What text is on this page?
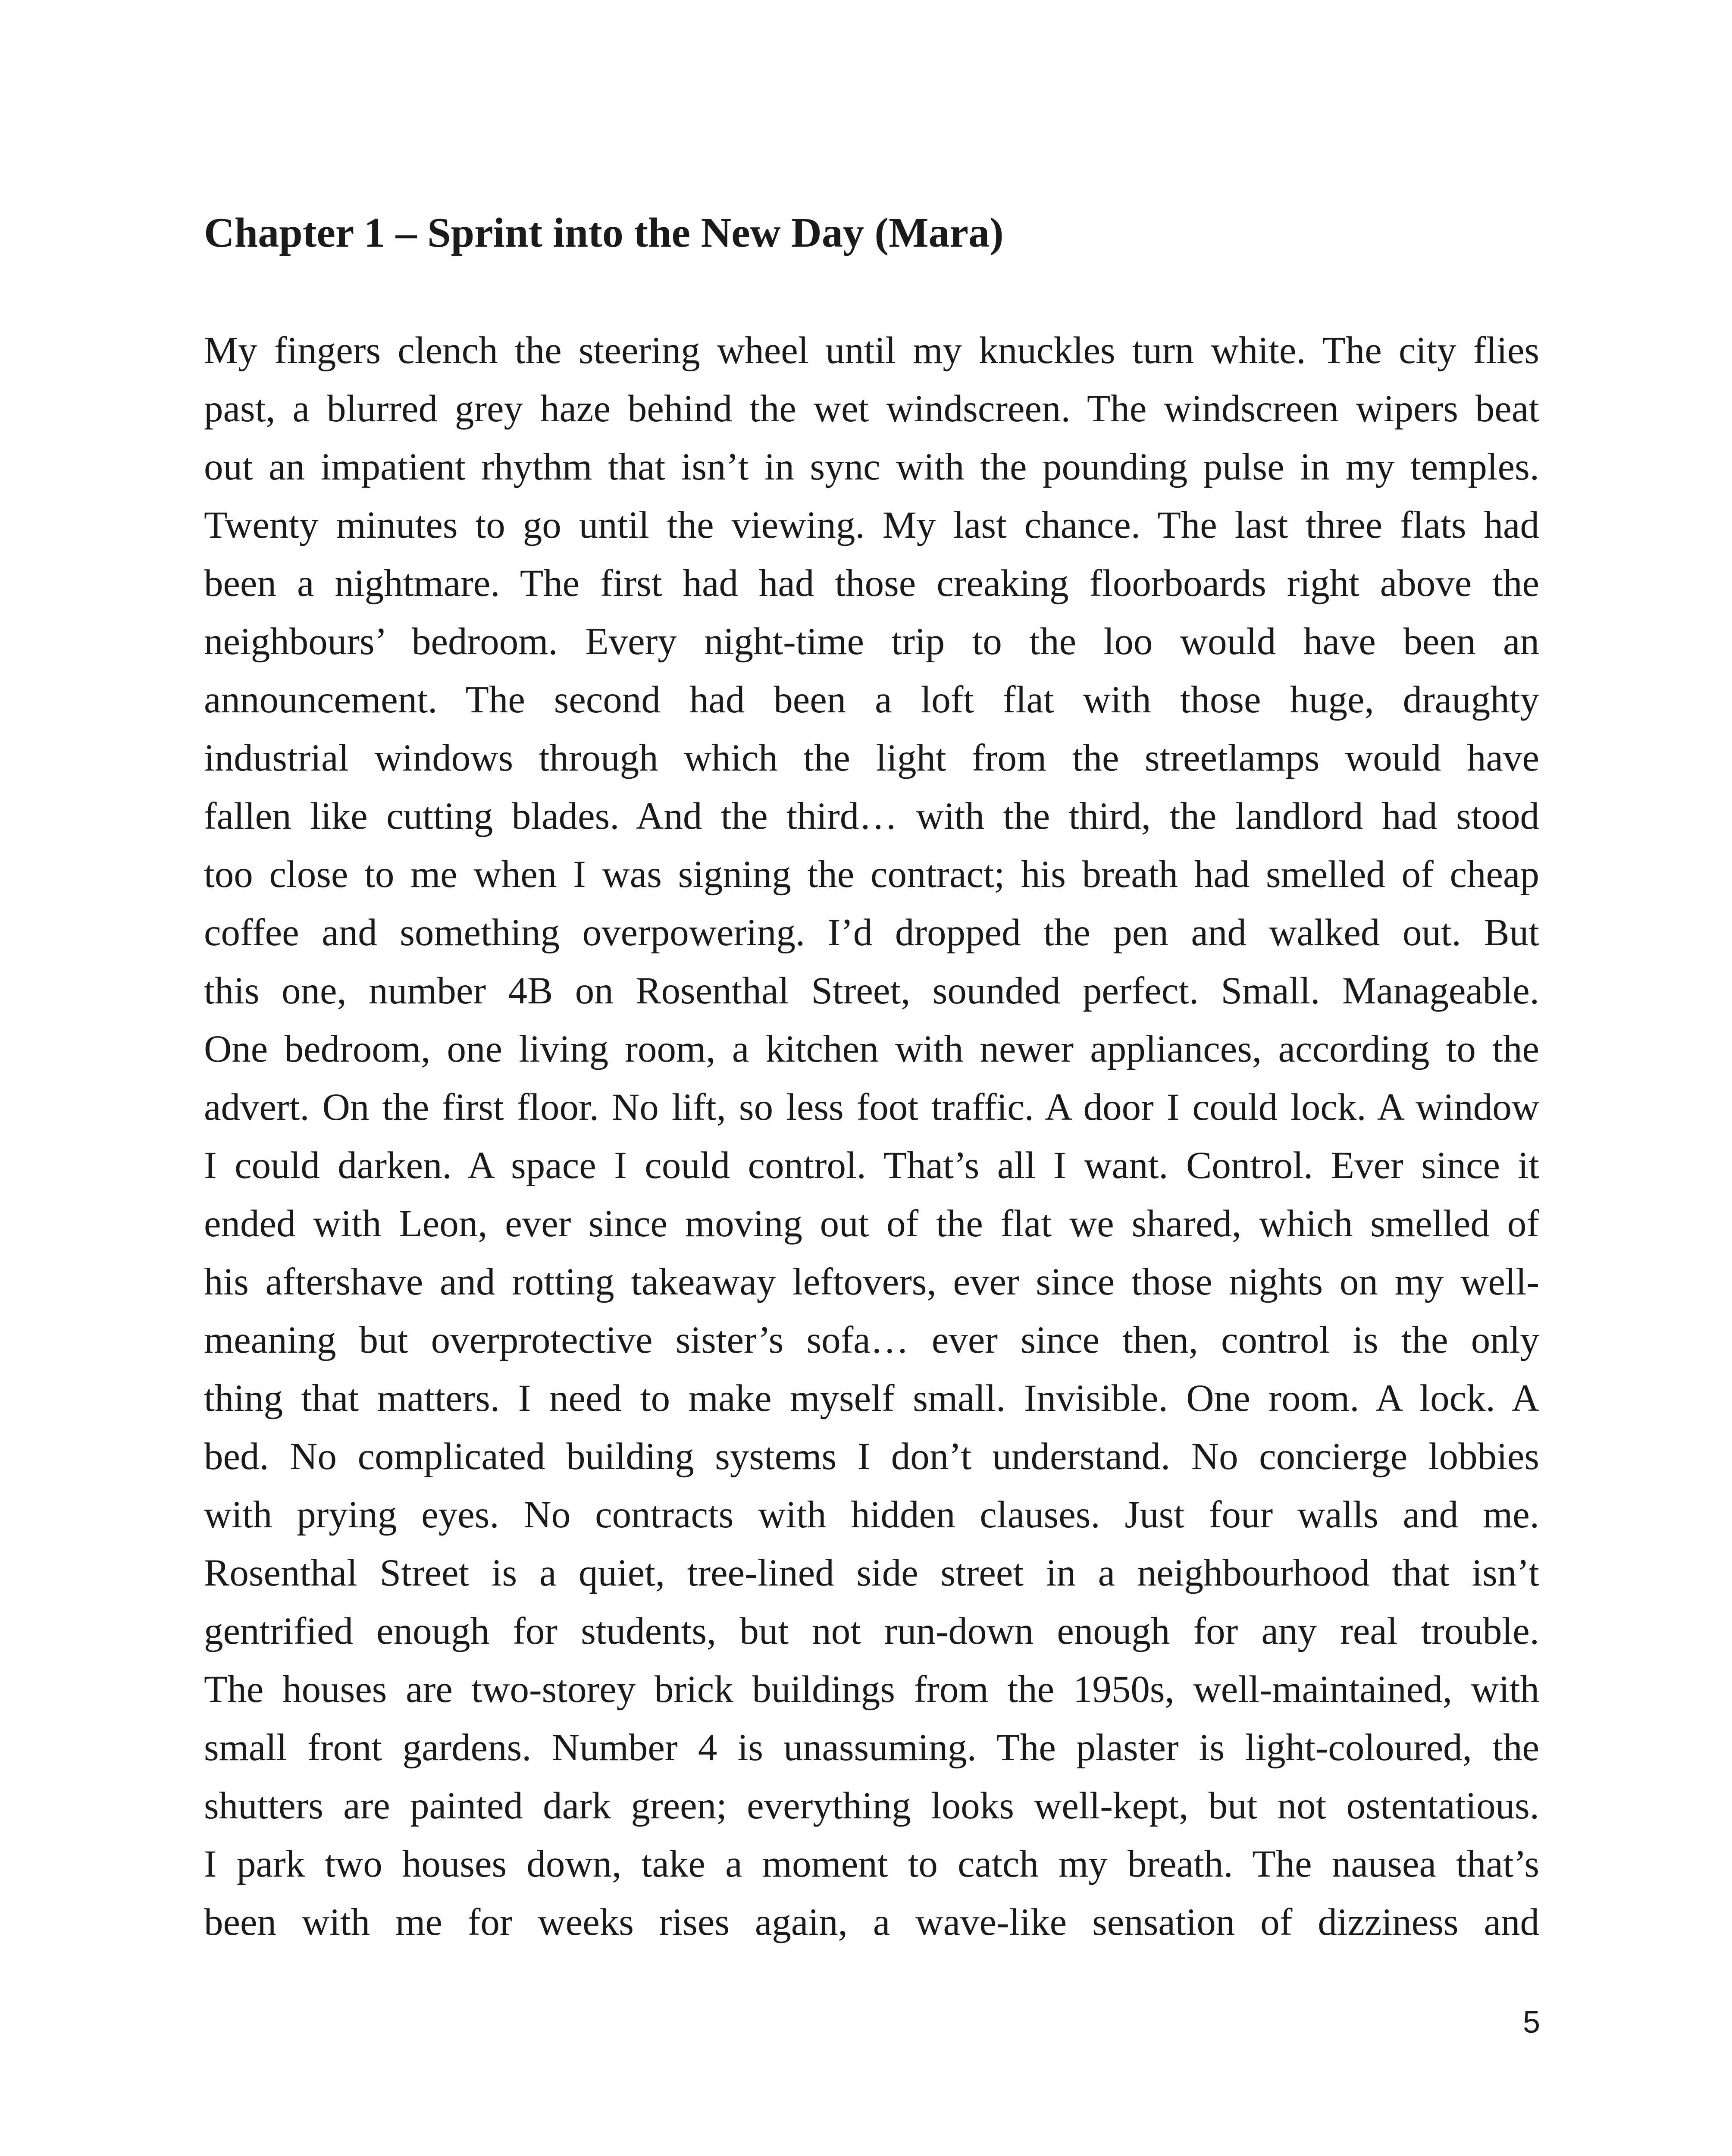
Chapter 1 – Sprint into the New Day (Mara)
My fingers clench the steering wheel until my knuckles turn white. The city flies
past, a blurred grey haze behind the wet windscreen. The windscreen wipers beat
out an impatient rhythm that isn’t in sync with the pounding pulse in my temples.
Twenty minutes to go until the viewing. My last chance. The last three flats had
been a nightmare. The first had had those creaking floorboards right above the
neighbours’ bedroom. Every night-time trip to the loo would have been an
announcement. The second had been a loft flat with those huge, draughty
industrial windows through which the light from the streetlamps would have
fallen like cutting blades. And the third… with the third, the landlord had stood
too close to me when I was signing the contract; his breath had smelled of cheap
coffee and something overpowering. I’d dropped the pen and walked out. But
this one, number 4B on Rosenthal Street, sounded perfect. Small. Manageable.
One bedroom, one living room, a kitchen with newer appliances, according to the
advert. On the first floor. No lift, so less foot traffic. A door I could lock. A window
I could darken. A space I could control. That’s all I want. Control. Ever since it
ended with Leon, ever since moving out of the flat we shared, which smelled of
his aftershave and rotting takeaway leftovers, ever since those nights on my well-
meaning but overprotective sister’s sofa… ever since then, control is the only
thing that matters. I need to make myself small. Invisible. One room. A lock. A
bed. No complicated building systems I don’t understand. No concierge lobbies
with prying eyes. No contracts with hidden clauses. Just four walls and me.
Rosenthal Street is a quiet, tree-lined side street in a neighbourhood that isn’t
gentrified enough for students, but not run-down enough for any real trouble.
The houses are two-storey brick buildings from the 1950s, well-maintained, with
small front gardens. Number 4 is unassuming. The plaster is light-coloured, the
shutters are painted dark green; everything looks well-kept, but not ostentatious.
I park two houses down, take a moment to catch my breath. The nausea that’s
been with me for weeks rises again, a wave-like sensation of dizziness and
5
